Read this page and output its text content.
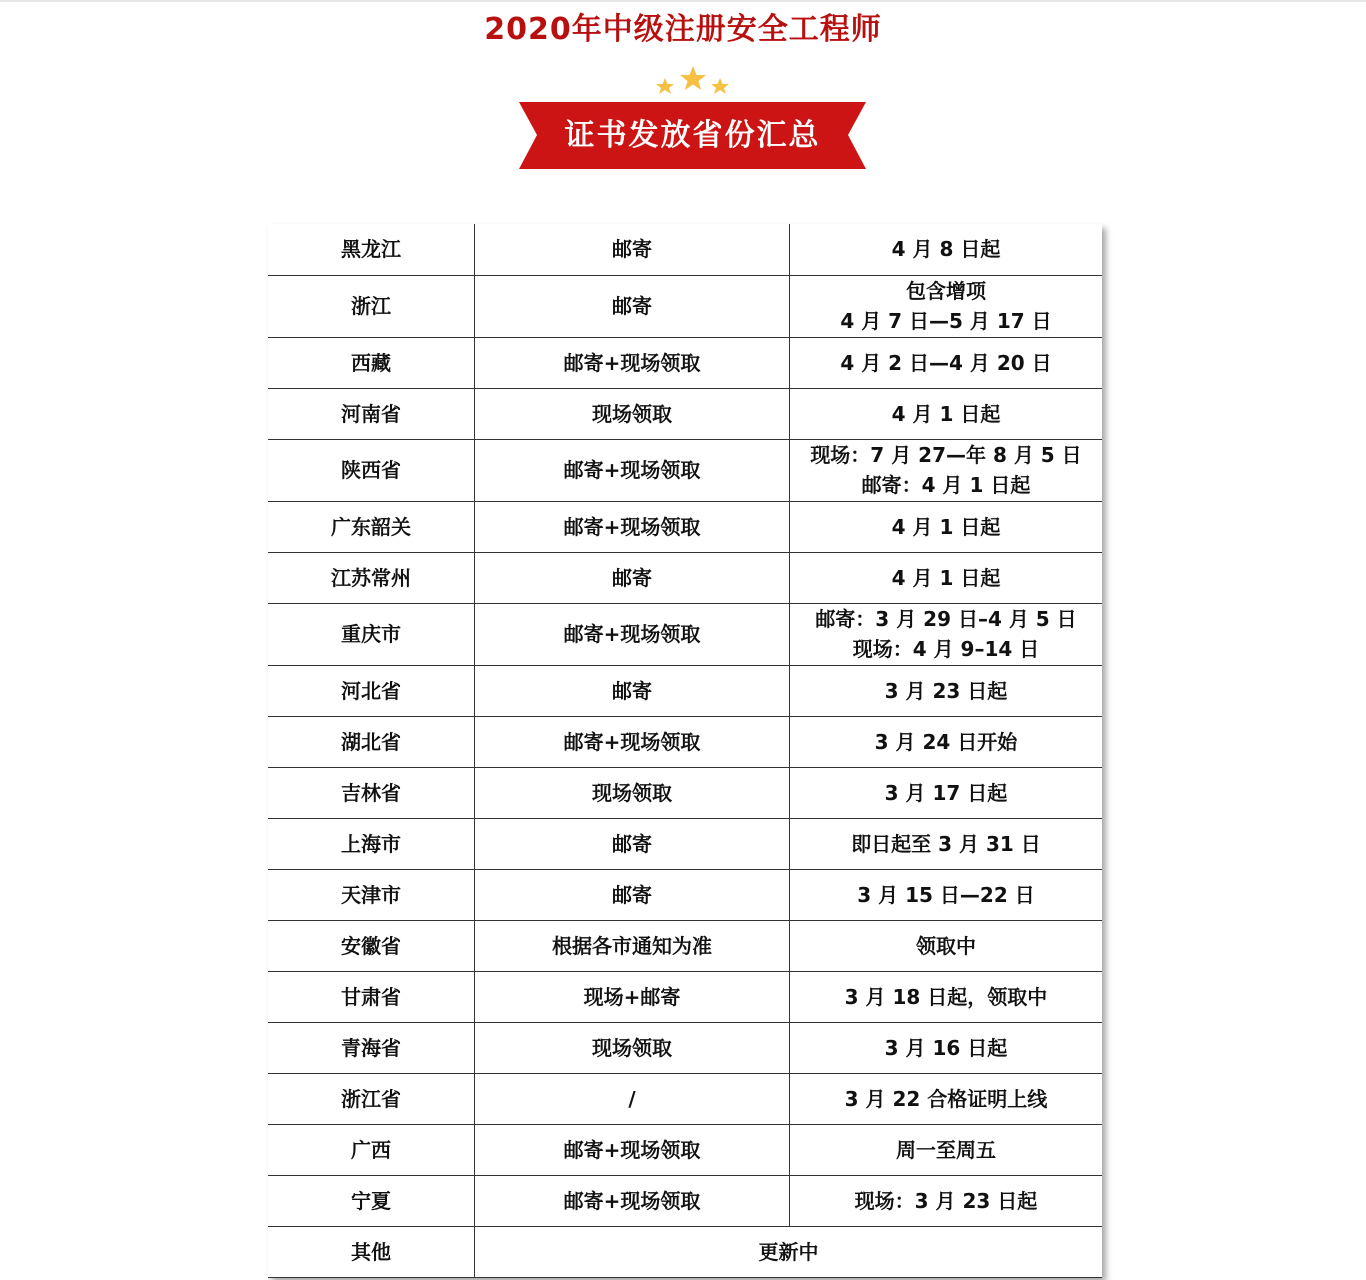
2020年中级注册安全工程师
证书发放省份汇总
黑龙江	邮寄	4 月 8 日起
浙江	邮寄	包含增项
4 月 7 日—5 月 17 日
西藏	邮寄+现场领取	4 月 2 日—4 月 20 日
河南省	现场领取	4 月 1 日起
陕西省	邮寄+现场领取	现场：7 月 27—年 8 月 5 日
邮寄：4 月 1 日起
广东韶关	邮寄+现场领取	4 月 1 日起
江苏常州	邮寄	4 月 1 日起
重庆市	邮寄+现场领取	邮寄：3 月 29 日–4 月 5 日
现场：4 月 9–14 日
河北省	邮寄	3 月 23 日起
湖北省	邮寄+现场领取	3 月 24 日开始
吉林省	现场领取	3 月 17 日起
上海市	邮寄	即日起至 3 月 31 日
天津市	邮寄	3 月 15 日—22 日
安徽省	根据各市通知为准	领取中
甘肃省	现场+邮寄	3 月 18 日起，领取中
青海省	现场领取	3 月 16 日起
浙江省	/	3 月 22 合格证明上线
广西	邮寄+现场领取	周一至周五
宁夏	邮寄+现场领取	现场：3 月 23 日起
其他	更新中	
